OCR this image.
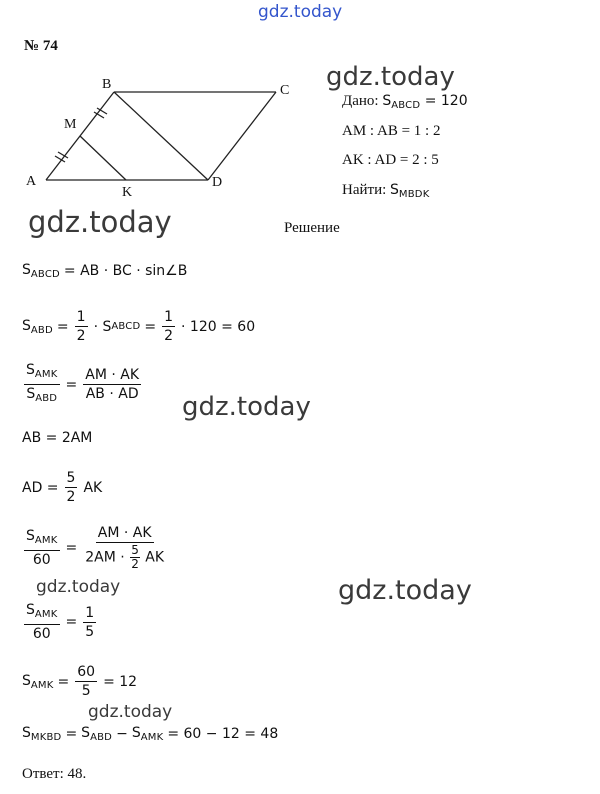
gdz.today
№ 74
A
B	C
D
M
K
gdz.today
Дано: $S_{ABCD} = 120$
AM : AB = 1 : 2
AK : AD = 2 : 5
Найти: $S_{MBDK}$
gdz.today	Решение
$S_{ABCD}$ = AB · BC · sin∠B
$S_{ABD} = \frac{1}{2} \cdot S$ ABCD = $\frac{1}{2} \cdot 120 = 60$
$\frac{S_{AMK}}{S_{ABD}} = \frac{AM \cdot AK}{AB \cdot AD}$
gdz.today
AB = 2AM
AD = $\frac{5}{2}$ AK
$\frac{S_{AMK}}{60} = \frac{AM \cdot AK}{2AM \cdot \frac{5}{2} AK}$
gdz.today	gdz.today
$\frac{S_{AMK}}{60} = \frac{1}{5}$
$S_{AMK} = \frac{60}{5} = 12$
gdz.today
$S_{MKBD} = S_{ABD} - S_{AMK} = 60 - 12 = 48$
Ответ: 48.
